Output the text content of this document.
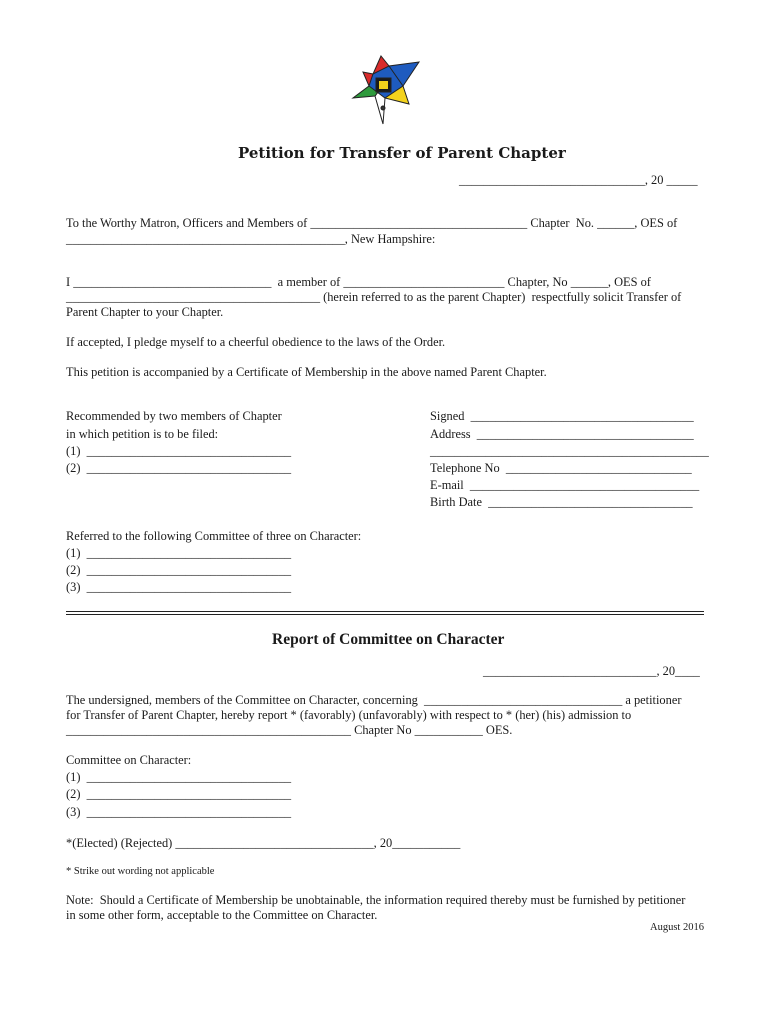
Petition for Transfer of Parent Chapter
______________________________, 20 _____
To the Worthy Matron, Officers and Members of ___________________________________ Chapter  No. ______, OES of
_____________________________________________, New Hampshire:
I ________________________________  a member of __________________________ Chapter, No ______, OES of
_________________________________________ (herein referred to as the parent Chapter)  respectfully solicit Transfer of
Parent Chapter to your Chapter.
If accepted, I pledge myself to a cheerful obedience to the laws of the Order.
This petition is accompanied by a Certificate of Membership in the above named Parent Chapter.
Recommended by two members of Chapter
in which petition is to be filed:
(1)  _________________________________
(2)  _________________________________
Signed  ____________________________________
Address  ___________________________________
_____________________________________________
Telephone No  ______________________________
E-mail  _____________________________________
Birth Date  _________________________________
Referred to the following Committee of three on Character:
(1)  _________________________________
(2)  _________________________________
(3)  _________________________________
Report of Committee on Character
____________________________, 20____
The undersigned, members of the Committee on Character, concerning  ________________________________ a petitioner
for Transfer of Parent Chapter, hereby report * (favorably) (unfavorably) with respect to * (her) (his) admission to
______________________________________________ Chapter No ___________ OES.
Committee on Character:
(1)  _________________________________
(2)  _________________________________
(3)  _________________________________
*(Elected) (Rejected) ________________________________, 20___________
* Strike out wording not applicable
Note:  Should a Certificate of Membership be unobtainable, the information required thereby must be furnished by petitioner
in some other form, acceptable to the Committee on Character.
August 2016
